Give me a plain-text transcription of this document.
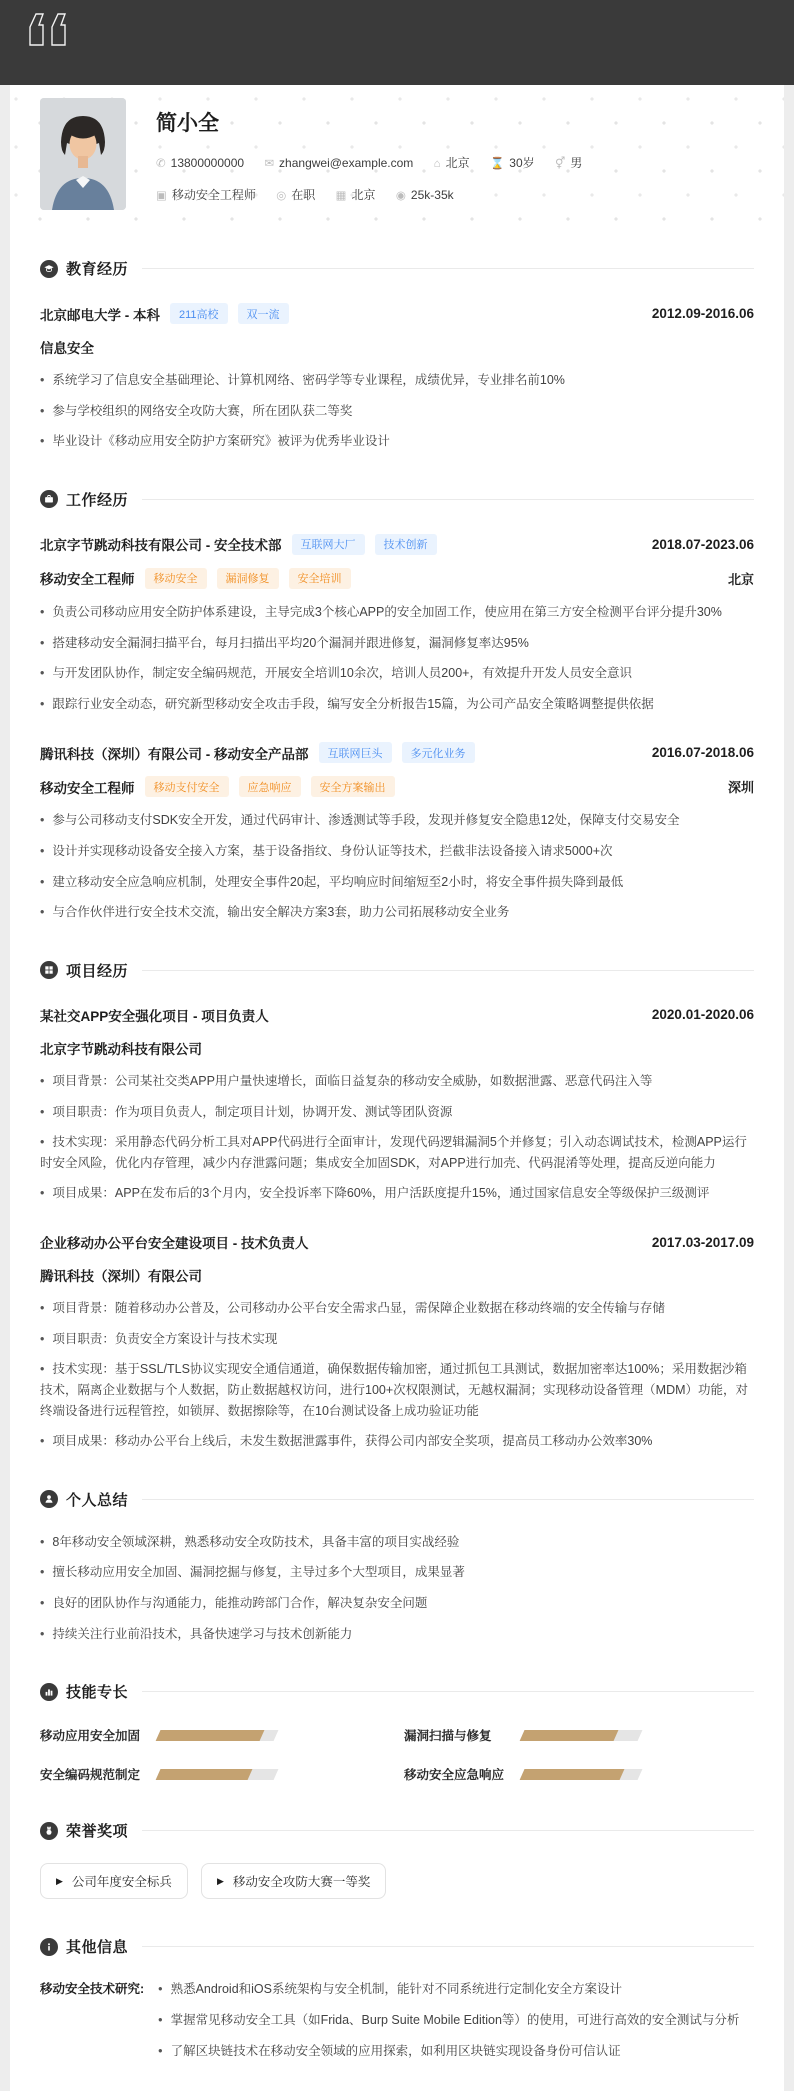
简小全
✆ 13800000000 ✉ zhangwei@example.com ⌂ 北京 ⌛ 30岁 ⚥ 男
▣ 移动安全工程师 ◎ 在职 ▦ 北京 ◉ 25k-35k
教育经历
北京邮电大学 - 本科	211高校	双一流	2012.09-2016.06
信息安全
• 系统学习了信息安全基础理论、计算机网络、密码学等专业课程，成绩优异，专业排名前10%
• 参与学校组织的网络安全攻防大赛，所在团队获二等奖
• 毕业设计《移动应用安全防护方案研究》被评为优秀毕业设计
工作经历
北京字节跳动科技有限公司 - 安全技术部	互联网大厂	技术创新	2018.07-2023.06
移动安全工程师	移动安全	漏洞修复	安全培训	北京
• 负责公司移动应用安全防护体系建设，主导完成3个核心APP的安全加固工作，使应用在第三方安全检测平台评分提升30%
• 搭建移动安全漏洞扫描平台，每月扫描出平均20个漏洞并跟进修复，漏洞修复率达95%
• 与开发团队协作，制定安全编码规范，开展安全培训10余次，培训人员200+，有效提升开发人员安全意识
• 跟踪行业安全动态，研究新型移动安全攻击手段，编写安全分析报告15篇，为公司产品安全策略调整提供依据
腾讯科技（深圳）有限公司 - 移动安全产品部	互联网巨头	多元化业务	2016.07-2018.06
移动安全工程师	移动支付安全	应急响应	安全方案输出	深圳
• 参与公司移动支付SDK安全开发，通过代码审计、渗透测试等手段，发现并修复安全隐患12处，保障支付交易安全
• 设计并实现移动设备安全接入方案，基于设备指纹、身份认证等技术，拦截非法设备接入请求5000+次
• 建立移动安全应急响应机制，处理安全事件20起，平均响应时间缩短至2小时，将安全事件损失降到最低
• 与合作伙伴进行安全技术交流，输出安全解决方案3套，助力公司拓展移动安全业务
项目经历
某社交APP安全强化项目 - 项目负责人	2020.01-2020.06
北京字节跳动科技有限公司
• 项目背景：公司某社交类APP用户量快速增长，面临日益复杂的移动安全威胁，如数据泄露、恶意代码注入等
• 项目职责：作为项目负责人，制定项目计划，协调开发、测试等团队资源
• 技术实现：采用静态代码分析工具对APP代码进行全面审计，发现代码逻辑漏洞5个并修复；引入动态调试技术，检测APP运行时安全风险，优化内存管理，减少内存泄露问题；集成安全加固SDK，对APP进行加壳、代码混淆等处理，提高反逆向能力
• 项目成果：APP在发布后的3个月内，安全投诉率下降60%，用户活跃度提升15%，通过国家信息安全等级保护三级测评
企业移动办公平台安全建设项目 - 技术负责人	2017.03-2017.09
腾讯科技（深圳）有限公司
• 项目背景：随着移动办公普及，公司移动办公平台安全需求凸显，需保障企业数据在移动终端的安全传输与存储
• 项目职责：负责安全方案设计与技术实现
• 技术实现：基于SSL/TLS协议实现安全通信通道，确保数据传输加密，通过抓包工具测试，数据加密率达100%；采用数据沙箱技术，隔离企业数据与个人数据，防止数据越权访问，进行100+次权限测试，无越权漏洞；实现移动设备管理（MDM）功能，对终端设备进行远程管控，如锁屏、数据擦除等，在10台测试设备上成功验证功能
• 项目成果：移动办公平台上线后，未发生数据泄露事件，获得公司内部安全奖项，提高员工移动办公效率30%
个人总结
• 8年移动安全领域深耕，熟悉移动安全攻防技术，具备丰富的项目实战经验
• 擅长移动应用安全加固、漏洞挖掘与修复，主导过多个大型项目，成果显著
• 良好的团队协作与沟通能力，能推动跨部门合作，解决复杂安全问题
• 持续关注行业前沿技术，具备快速学习与技术创新能力
技能专长
移动应用安全加固	漏洞扫描与修复
安全编码规范制定	移动安全应急响应
荣誉奖项
▶ 公司年度安全标兵	▶ 移动安全攻防大赛一等奖
其他信息
移动安全技术研究: • 熟悉Android和iOS系统架构与安全机制，能针对不同系统进行定制化安全方案设计
• 掌握常见移动安全工具（如Frida、Burp Suite Mobile Edition等）的使用，可进行高效的安全测试与分析
• 了解区块链技术在移动安全领域的应用探索，如利用区块链实现设备身份可信认证
